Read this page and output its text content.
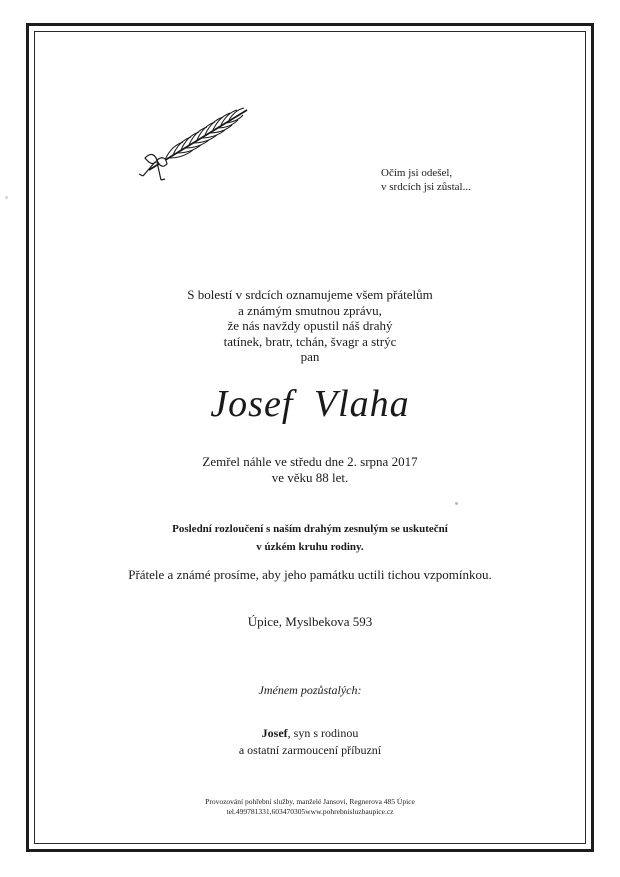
Očím jsi odešel,
v srdcích jsi zůstal...
S bolestí v srdcích oznamujeme všem přátelům
a známým smutnou zprávu,
že nás navždy opustil náš drahý
tatínek, bratr, tchán, švagr a strýc
pan
Josef Vlaha
Zemřel náhle ve středu dne 2. srpna 2017
ve věku 88 let.
Poslední rozloučení s naším drahým zesnulým se uskuteční
v úzkém kruhu rodiny.
Přátele a známé prosíme, aby jeho památku uctili tichou vzpomínkou.
Úpice, Myslbekova 593
Jménem pozůstalých:
Josef, syn s rodinou
a ostatní zarmoucení příbuzní
Provozování pohřební služby, manželé Jansovi, Regnerova 485 Úpice
tel.499781331,603470305www.pohrebnisluzbaupice.cz
